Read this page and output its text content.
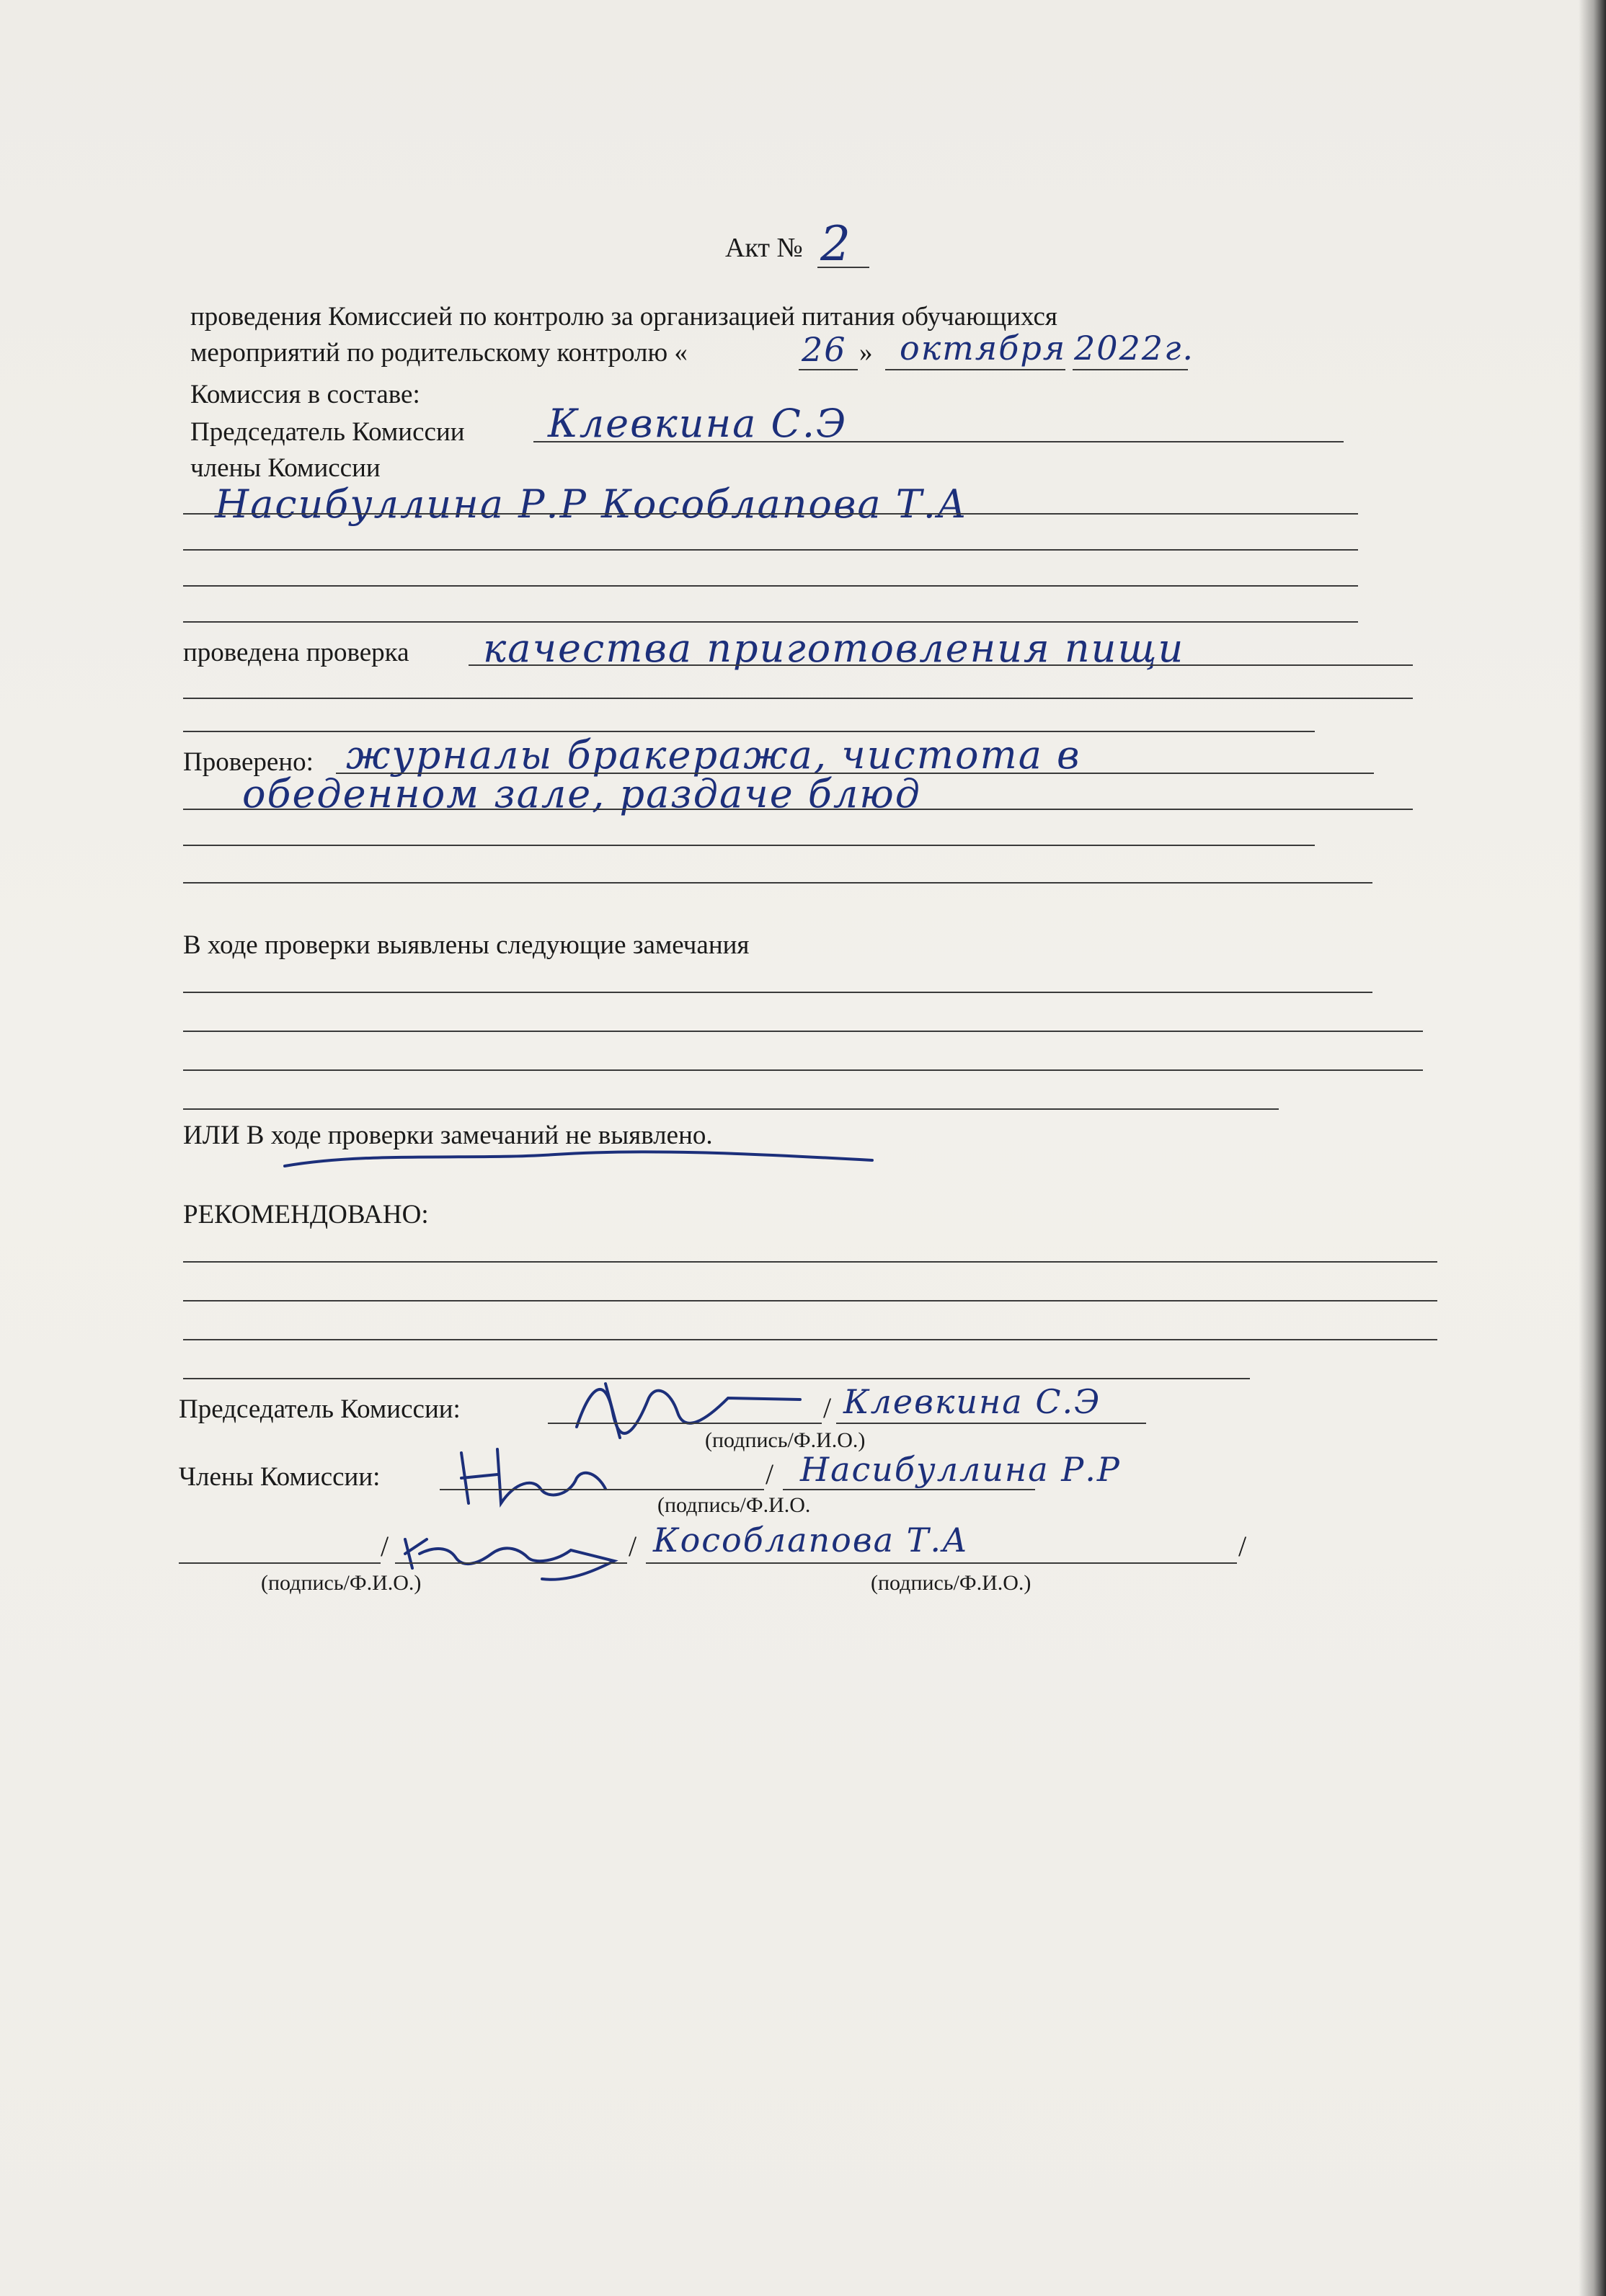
Акт № 2
проведения Комиссией по контролю за организацией питания обучающихся
мероприятий по родительскому контролю «	26 » октября 2022г.
Комиссия в составе:
Председатель Комиссии Клевкина С.Э
члены Комиссии
Насибуллина Р.Р Кособлапова Т.А
проведена проверка качества приготовления пищи
Проверено: журналы бракеража, чистота в
обеденном зале, раздаче блюд
В ходе проверки выявлены следующие замечания
ИЛИ В ходе проверки замечаний не выявлено.
РЕКОМЕНДОВАНО:
Председатель Комиссии:	/ Клевкина С.Э
(подпись/Ф.И.О.)
Члены Комиссии:	/ Насибуллина Р.Р
(подпись/Ф.И.О.
/	/ Кособлапова Т.А	/
(подпись/Ф.И.О.)	(подпись/Ф.И.О.)
